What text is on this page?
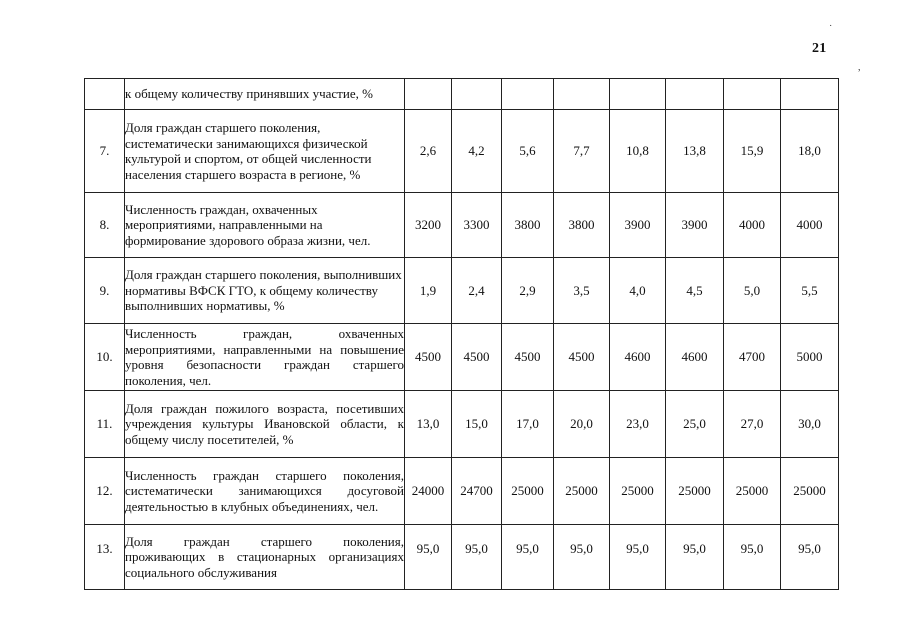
21
˙
,
	к общему количеству принявших участие, %								
7.	Доля граждан старшего поколения, систематически занимающихся физической культурой и спортом, от общей численности населения старшего возраста в регионе, %	2,6	4,2	5,6	7,7	10,8	13,8	15,9	18,0
8.	Численность граждан, охваченных мероприятиями, направленными на формирование здорового образа жизни, чел.	3200	3300	3800	3800	3900	3900	4000	4000
9.	Доля граждан старшего поколения, выполнивших нормативы ВФСК ГТО, к общему количеству выполнивших нормативы, %	1,9	2,4	2,9	3,5	4,0	4,5	5,0	5,5
10.	Численность граждан, охваченных мероприятиями, направленными на повышение уровня безопасности граждан старшего поколения, чел.	4500	4500	4500	4500	4600	4600	4700	5000
11.	Доля граждан пожилого возраста, посетивших учреждения культуры Ивановской области, к общему числу посетителей, %	13,0	15,0	17,0	20,0	23,0	25,0	27,0	30,0
12.	Численность граждан старшего поколения, систематически занимающихся досуговой деятельностью в клубных объединениях, чел.	24000	24700	25000	25000	25000	25000	25000	25000
13.	Доля граждан старшего поколения, проживающих в стационарных организациях социального обслуживания	95,0	95,0	95,0	95,0	95,0	95,0	95,0	95,0
